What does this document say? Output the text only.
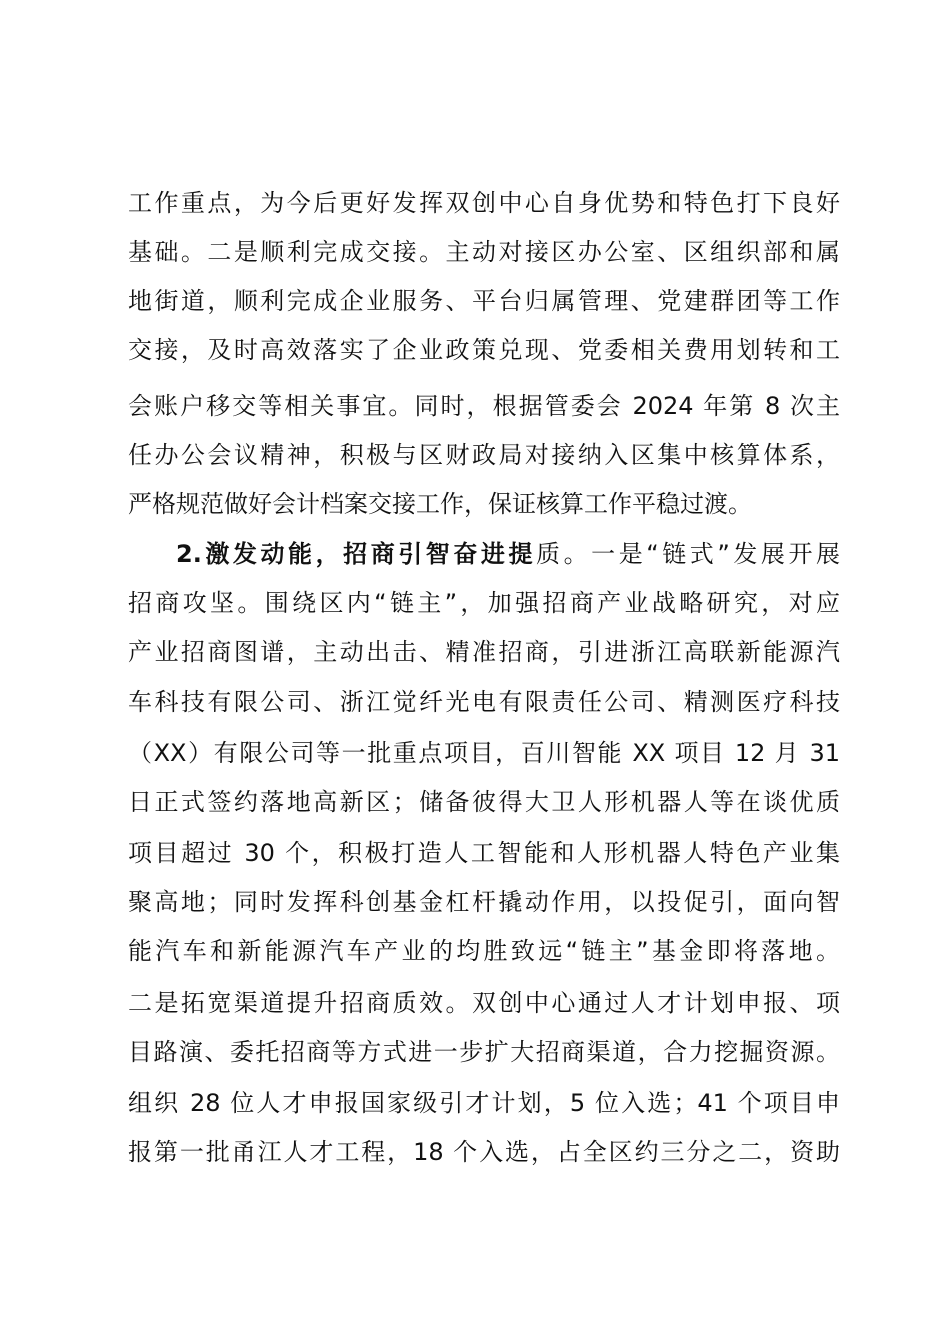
工作重点，为今后更好发挥双创中心自身优势和特色打下良好
基础。二是顺利完成交接。主动对接区办公室、区组织部和属
地街道，顺利完成企业服务、平台归属管理、党建群团等工作
交接，及时高效落实了企业政策兑现、党委相关费用划转和工
会账户移交等相关事宜。同时，根据管委会 2024 年第 8 次主
任办公会议精神，积极与区财政局对接纳入区集中核算体系，
严格规范做好会计档案交接工作，保证核算工作平稳过渡。
2.激发动能，招商引智奋进提质。一是“链式”发展开展
招商攻坚。围绕区内“链主”，加强招商产业战略研究，对应
产业招商图谱，主动出击、精准招商，引进浙江高联新能源汽
车科技有限公司、浙江觉纤光电有限责任公司、精测医疗科技
（XX）有限公司等一批重点项目，百川智能 XX 项目 12 月 31
日正式签约落地高新区；储备彼得大卫人形机器人等在谈优质
项目超过 30 个，积极打造人工智能和人形机器人特色产业集
聚高地；同时发挥科创基金杠杆撬动作用，以投促引，面向智
能汽车和新能源汽车产业的均胜致远“链主”基金即将落地。
二是拓宽渠道提升招商质效。双创中心通过人才计划申报、项
目路演、委托招商等方式进一步扩大招商渠道，合力挖掘资源。
组织 28 位人才申报国家级引才计划，5 位入选；41 个项目申
报第一批甬江人才工程，18 个入选，占全区约三分之二，资助
